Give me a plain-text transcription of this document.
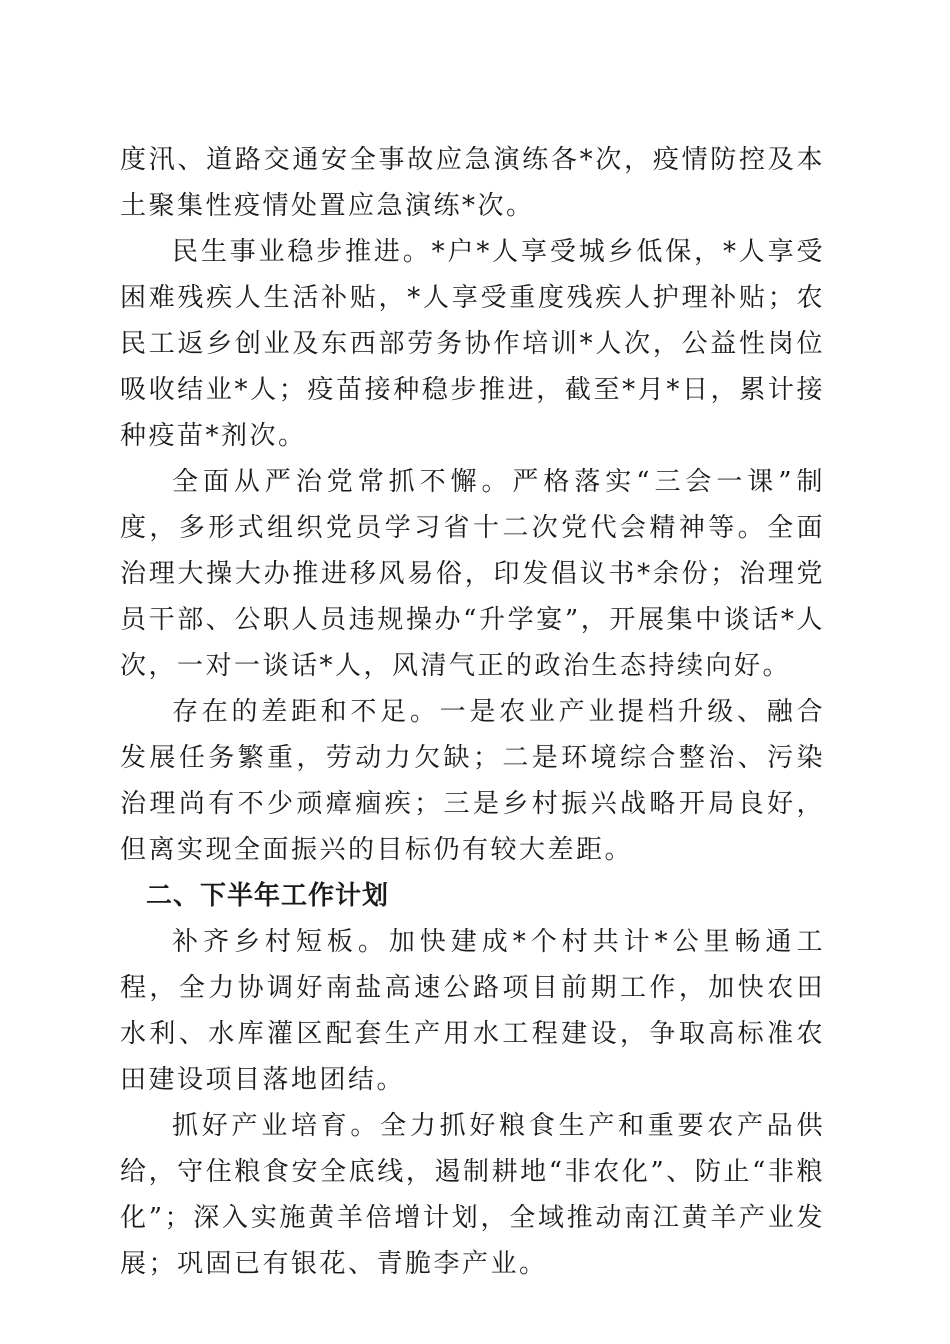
度汛、道路交通安全事故应急演练各*次，疫情防控及本土聚集性疫情处置应急演练*次。

民生事业稳步推进。*户*人享受城乡低保，*人享受困难残疾人生活补贴，*人享受重度残疾人护理补贴；农民工返乡创业及东西部劳务协作培训*人次，公益性岗位吸收结业*人；疫苗接种稳步推进，截至*月*日，累计接种疫苗*剂次。

全面从严治党常抓不懈。严格落实“三会一课”制度，多形式组织党员学习省十二次党代会精神等。全面治理大操大办推进移风易俗，印发倡议书*余份；治理党员干部、公职人员违规操办“升学宴”，开展集中谈话*人次，一对一谈话*人，风清气正的政治生态持续向好。

存在的差距和不足。一是农业产业提档升级、融合发展任务繁重，劳动力欠缺；二是环境综合整治、污染治理尚有不少顽瘴痼疾；三是乡村振兴战略开局良好，但离实现全面振兴的目标仍有较大差距。

二、下半年工作计划

补齐乡村短板。加快建成*个村共计*公里畅通工程，全力协调好南盐高速公路项目前期工作，加快农田水利、水库灌区配套生产用水工程建设，争取高标准农田建设项目落地团结。

抓好产业培育。全力抓好粮食生产和重要农产品供给，守住粮食安全底线，遏制耕地“非农化”、防止“非粮化”；深入实施黄羊倍增计划，全域推动南江黄羊产业发展；巩固已有银花、青脆李产业。
